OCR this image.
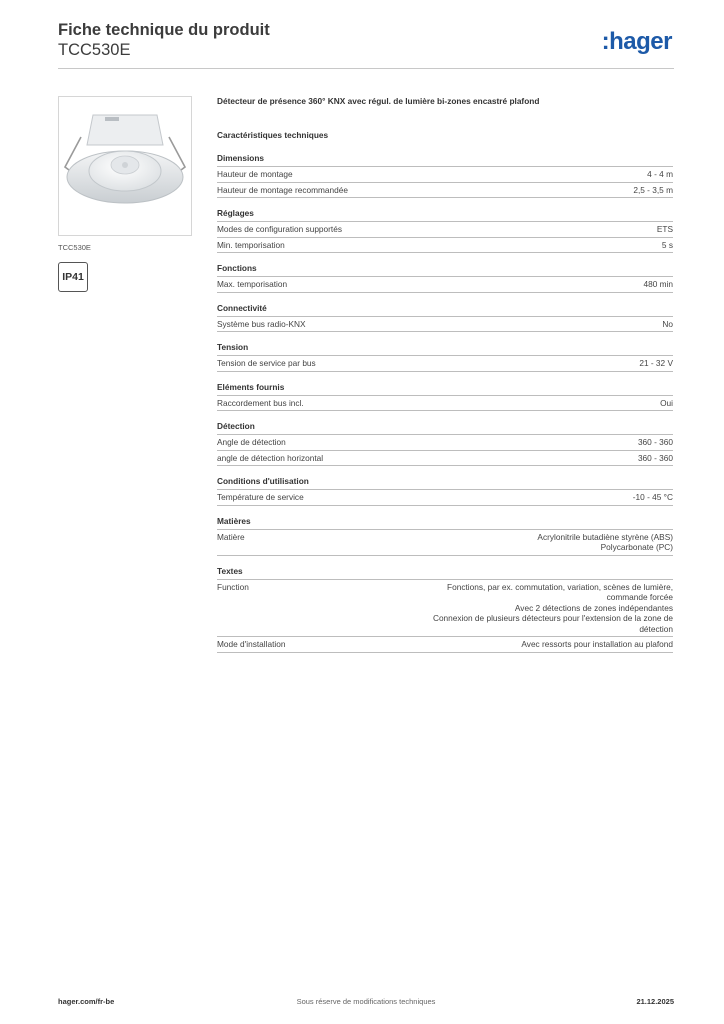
Fiche technique du produit
TCC530E	:hager
TCC530E
IP41
Détecteur de présence 360° KNX avec régul. de lumière bi-zones encastré plafond
Caractéristiques techniques
Dimensions
Hauteur de montage	4 - 4 m
Hauteur de montage recommandée	2,5 - 3,5 m
Réglages
Modes de configuration supportés	ETS
Min. temporisation	5 s
Fonctions
Max. temporisation	480 min
Connectivité
Système bus radio-KNX	No
Tension
Tension de service par bus	21 - 32 V
Eléments fournis
Raccordement bus incl.	Oui
Détection
Angle de détection	360 - 360
angle de détection horizontal	360 - 360
Conditions d'utilisation
Température de service	-10 - 45 °C
Matières
Matière	Acrylonitrile butadiène styrène (ABS)
Polycarbonate (PC)
Textes
Function	Fonctions, par ex. commutation, variation, scènes de lumière,
commande forcée
Avec 2 détections de zones indépendantes
Connexion de plusieurs détecteurs pour l'extension de la zone de
détection
Mode d'installation	Avec ressorts pour installation au plafond
Sous réserve de modifications techniques
hager.com/fr-be	21.12.2025
